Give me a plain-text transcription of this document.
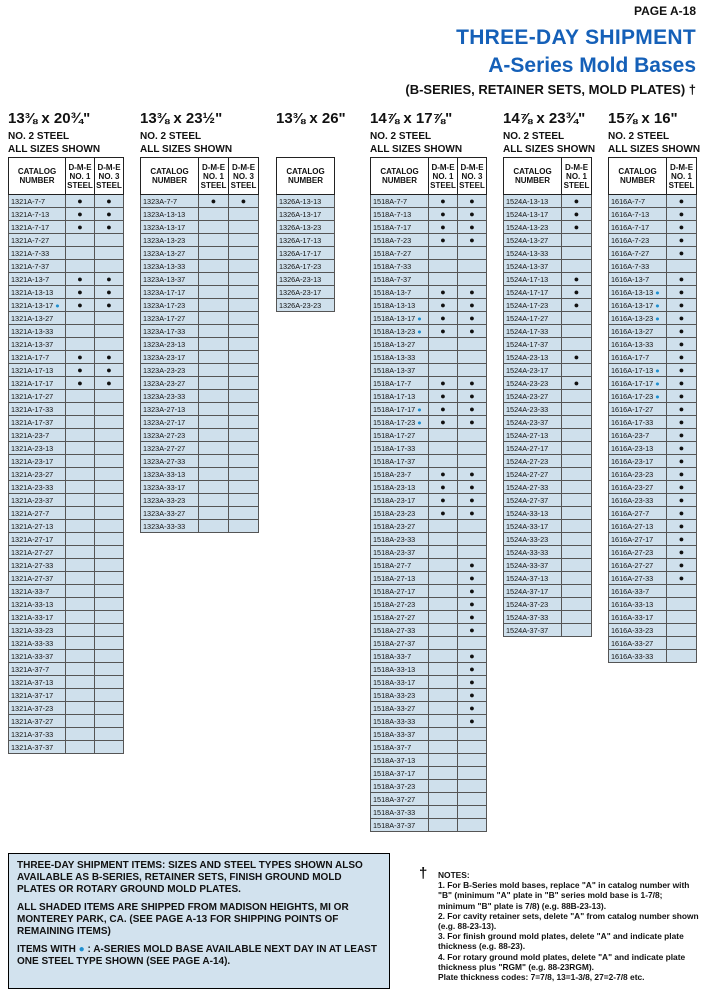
PAGE A-18
THREE-DAY SHIPMENT
A-Series Mold Bases
(B-SERIES, RETAINER SETS, MOLD PLATES) †
13⅜ x 20¾"
NO. 2 STEEL
ALL SIZES SHOWN
CATALOG NUMBER	D-M-E NO. 1 STEEL	D-M-E NO. 3 STEEL
1321A-7-7	●	●
1321A-7-13	●	●
1321A-7-17	●	●
1321A-7-27		
1321A-7-33		
1321A-7-37		
1321A-13-7	●	●
1321A-13-13	●	●
1321A-13-17 ●	●	●
1321A-13-27		
1321A-13-33		
1321A-13-37		
1321A-17-7	●	●
1321A-17-13	●	●
1321A-17-17	●	●
1321A-17-27		
1321A-17-33		
1321A-17-37		
1321A-23-7		
1321A-23-13		
1321A-23-17		
1321A-23-27		
1321A-23-33		
1321A-23-37		
1321A-27-7		
1321A-27-13		
1321A-27-17		
1321A-27-27		
1321A-27-33		
1321A-27-37		
1321A-33-7		
1321A-33-13		
1321A-33-17		
1321A-33-23		
1321A-33-33		
1321A-33-37		
1321A-37-7		
1321A-37-13		
1321A-37-17		
1321A-37-23		
1321A-37-27		
1321A-37-33		
1321A-37-37		
13⅜ x 23½"
NO. 2 STEEL
ALL SIZES SHOWN
CATALOG NUMBER	D-M-E NO. 1 STEEL	D-M-E NO. 3 STEEL
1323A-7-7	●	●
1323A-13-13		
1323A-13-17		
1323A-13-23		
1323A-13-27		
1323A-13-33		
1323A-13-37		
1323A-17-17		
1323A-17-23		
1323A-17-27		
1323A-17-33		
1323A-23-13		
1323A-23-17		
1323A-23-23		
1323A-23-27		
1323A-23-33		
1323A-27-13		
1323A-27-17		
1323A-27-23		
1323A-27-27		
1323A-27-33		
1323A-33-13		
1323A-33-17		
1323A-33-23		
1323A-33-27		
1323A-33-33		
13⅜ x 26"
CATALOG NUMBER
1326A-13-13
1326A-13-17
1326A-13-23
1326A-17-13
1326A-17-17
1326A-17-23
1326A-23-13
1326A-23-17
1326A-23-23
14⅞ x 17⅞"
NO. 2 STEEL
ALL SIZES SHOWN
CATALOG NUMBER	D-M-E NO. 1 STEEL	D-M-E NO. 3 STEEL
1518A-7-7	●	●
1518A-7-13	●	●
1518A-7-17	●	●
1518A-7-23	●	●
1518A-7-27		
1518A-7-33		
1518A-7-37		
1518A-13-7	●	●
1518A-13-13	●	●
1518A-13-17 ●	●	●
1518A-13-23 ●	●	●
1518A-13-27		
1518A-13-33		
1518A-13-37		
1518A-17-7	●	●
1518A-17-13	●	●
1518A-17-17 ●	●	●
1518A-17-23 ●	●	●
1518A-17-27		
1518A-17-33		
1518A-17-37		
1518A-23-7	●	●
1518A-23-13	●	●
1518A-23-17	●	●
1518A-23-23	●	●
1518A-23-27		
1518A-23-33		
1518A-23-37		
1518A-27-7		●
1518A-27-13		●
1518A-27-17		●
1518A-27-23		●
1518A-27-27		●
1518A-27-33		●
1518A-27-37		
1518A-33-7		●
1518A-33-13		●
1518A-33-17		●
1518A-33-23		●
1518A-33-27		●
1518A-33-33		●
1518A-33-37		
1518A-37-7		
1518A-37-13		
1518A-37-17		
1518A-37-23		
1518A-37-27		
1518A-37-33		
1518A-37-37		
14⅞ x 23¾"
NO. 2 STEEL
ALL SIZES SHOWN
CATALOG NUMBER	D-M-E NO. 1 STEEL
1524A-13-13	●
1524A-13-17	●
1524A-13-23	●
1524A-13-27	
1524A-13-33	
1524A-13-37	
1524A-17-13	●
1524A-17-17	●
1524A-17-23	●
1524A-17-27	
1524A-17-33	
1524A-17-37	
1524A-23-13	●
1524A-23-17	
1524A-23-23	●
1524A-23-27	
1524A-23-33	
1524A-23-37	
1524A-27-13	
1524A-27-17	
1524A-27-23	
1524A-27-27	
1524A-27-33	
1524A-27-37	
1524A-33-13	
1524A-33-17	
1524A-33-23	
1524A-33-33	
1524A-33-37	
1524A-37-13	
1524A-37-17	
1524A-37-23	
1524A-37-33	
1524A-37-37	
15⅞ x 16"
NO. 2 STEEL
ALL SIZES SHOWN
CATALOG NUMBER	D-M-E NO. 1 STEEL
1616A-7-7	●
1616A-7-13	●
1616A-7-17	●
1616A-7-23	●
1616A-7-27	●
1616A-7-33	
1616A-13-7	●
1616A-13-13 ●	●
1616A-13-17 ●	●
1616A-13-23 ●	●
1616A-13-27	●
1616A-13-33	●
1616A-17-7	●
1616A-17-13 ●	●
1616A-17-17 ●	●
1616A-17-23 ●	●
1616A-17-27	●
1616A-17-33	●
1616A-23-7	●
1616A-23-13	●
1616A-23-17	●
1616A-23-23	●
1616A-23-27	●
1616A-23-33	●
1616A-27-7	●
1616A-27-13	●
1616A-27-17	●
1616A-27-23	●
1616A-27-27	●
1616A-27-33	●
1616A-33-7	
1616A-33-13	
1616A-33-17	
1616A-33-23	
1616A-33-27	
1616A-33-33	

THREE-DAY SHIPMENT ITEMS: SIZES AND STEEL TYPES SHOWN ALSO AVAILABLE AS B-SERIES, RETAINER SETS, FINISH GROUND MOLD PLATES OR ROTARY GROUND MOLD PLATES.

ALL SHADED ITEMS ARE SHIPPED FROM MADISON HEIGHTS, MI OR MONTEREY PARK, CA. (SEE PAGE A-13 FOR SHIPPING POINTS OF REMAINING ITEMS)

ITEMS WITH ● : A-SERIES MOLD BASE AVAILABLE NEXT DAY IN AT LEAST ONE STEEL TYPE SHOWN (SEE PAGE A-14).

† NOTES:
1. For B-Series mold bases, replace "A" in catalog number with "B" (minimum "A" plate in "B" series mold base is 1-7/8; minimum "B" plate is 7/8) (e.g. 88B-23-13).
2. For cavity retainer sets, delete "A" from catalog number shown (e.g. 88-23-13).
3. For finish ground mold plates, delete "A" and indicate plate thickness (e.g. 88-23).
4. For rotary ground mold plates, delete "A" and indicate plate thickness plus "RGM" (e.g. 88-23RGM).
Plate thickness codes: 7=7/8, 13=1-3/8, 27=2-7/8 etc.
